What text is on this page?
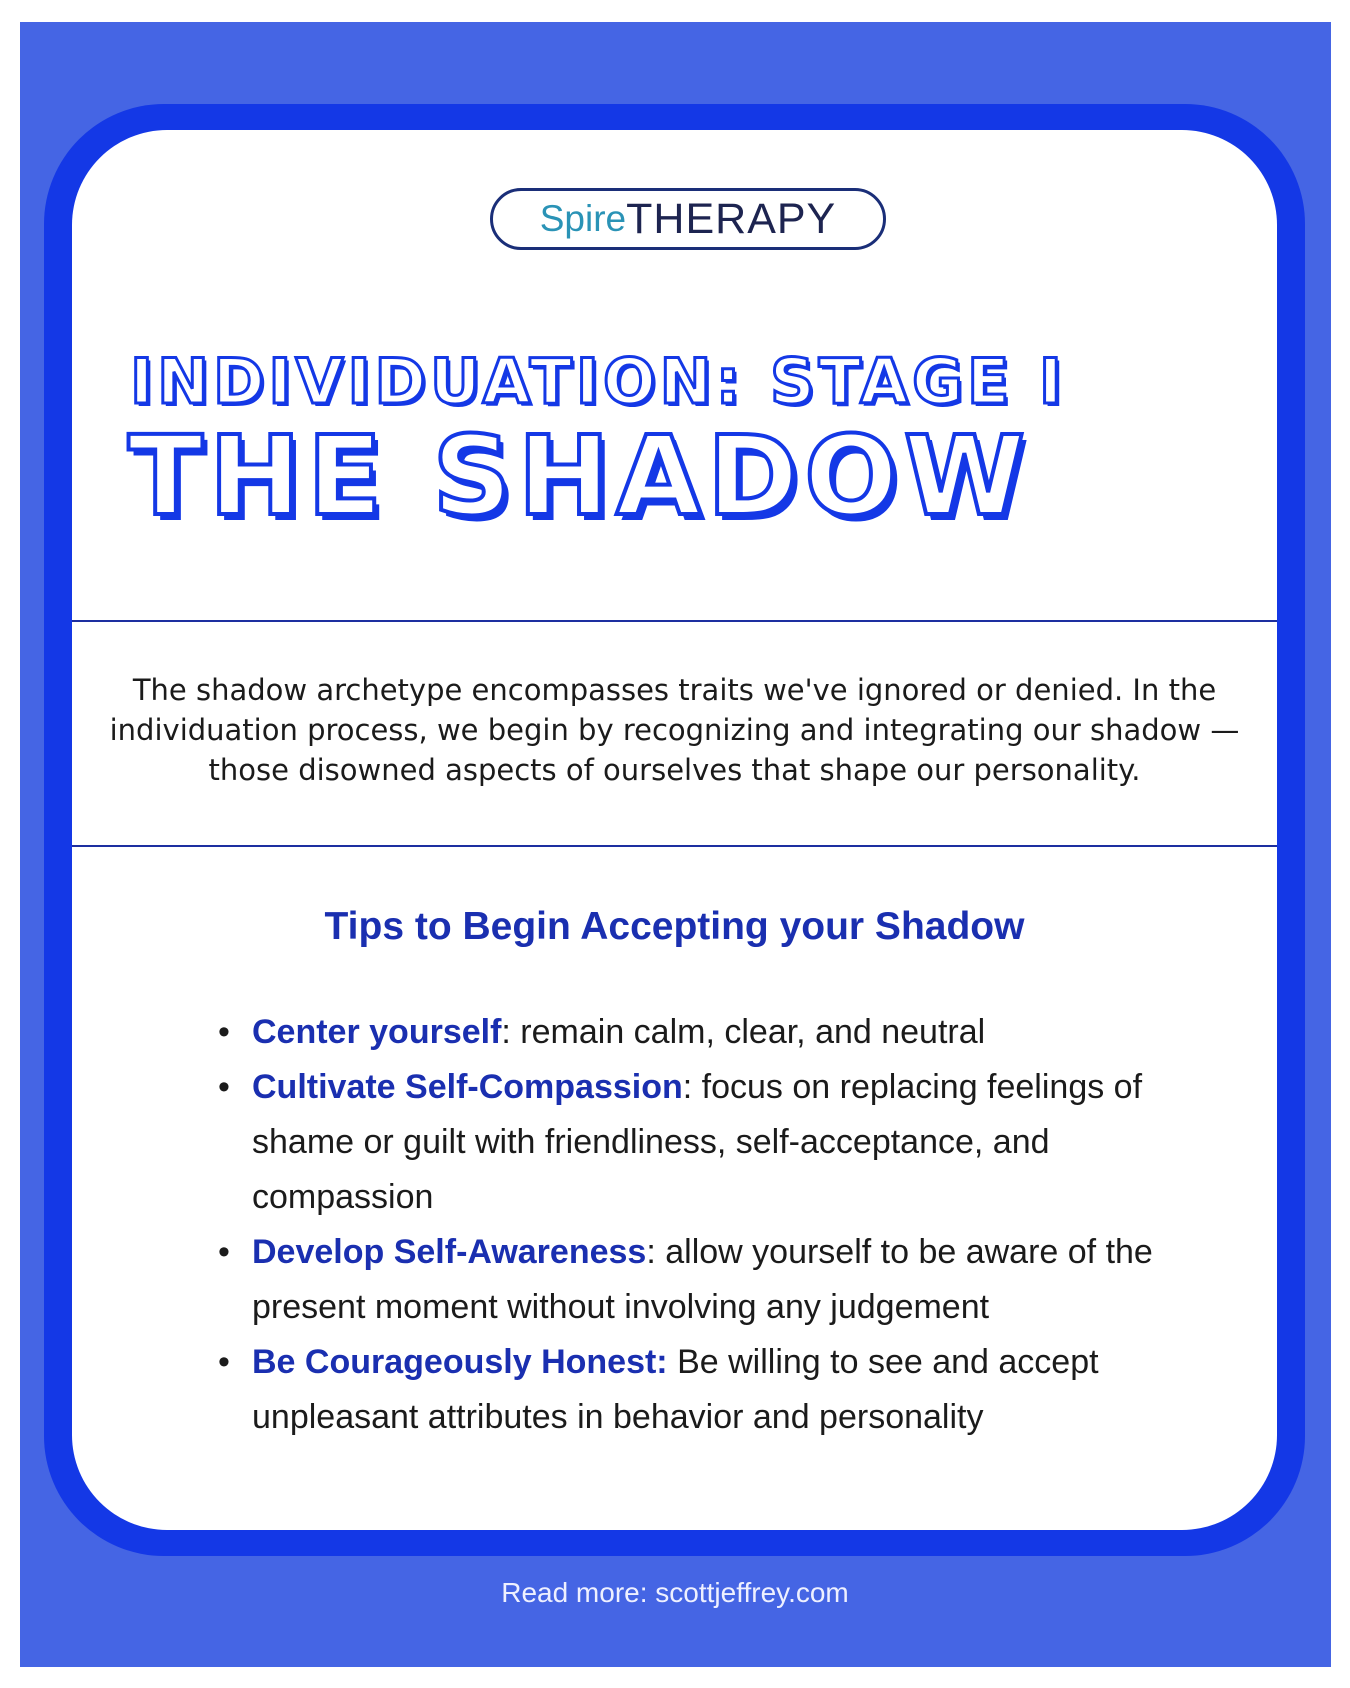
Spire THERAPY
INDIVIDUATION: STAGE I
THE SHADOW
The shadow archetype encompasses traits we've ignored or denied. In the individuation process, we begin by recognizing and integrating our shadow —those disowned aspects of ourselves that shape our personality.
Tips to Begin Accepting your Shadow
• Center yourself: remain calm, clear, and neutral
• Cultivate Self-Compassion: focus on replacing feelings of shame or guilt with friendliness, self-acceptance, and compassion
• Develop Self-Awareness: allow yourself to be aware of the present moment without involving any judgement
• Be Courageously Honest: Be willing to see and accept unpleasant attributes in behavior and personality
Read more: scottjeffrey.com
